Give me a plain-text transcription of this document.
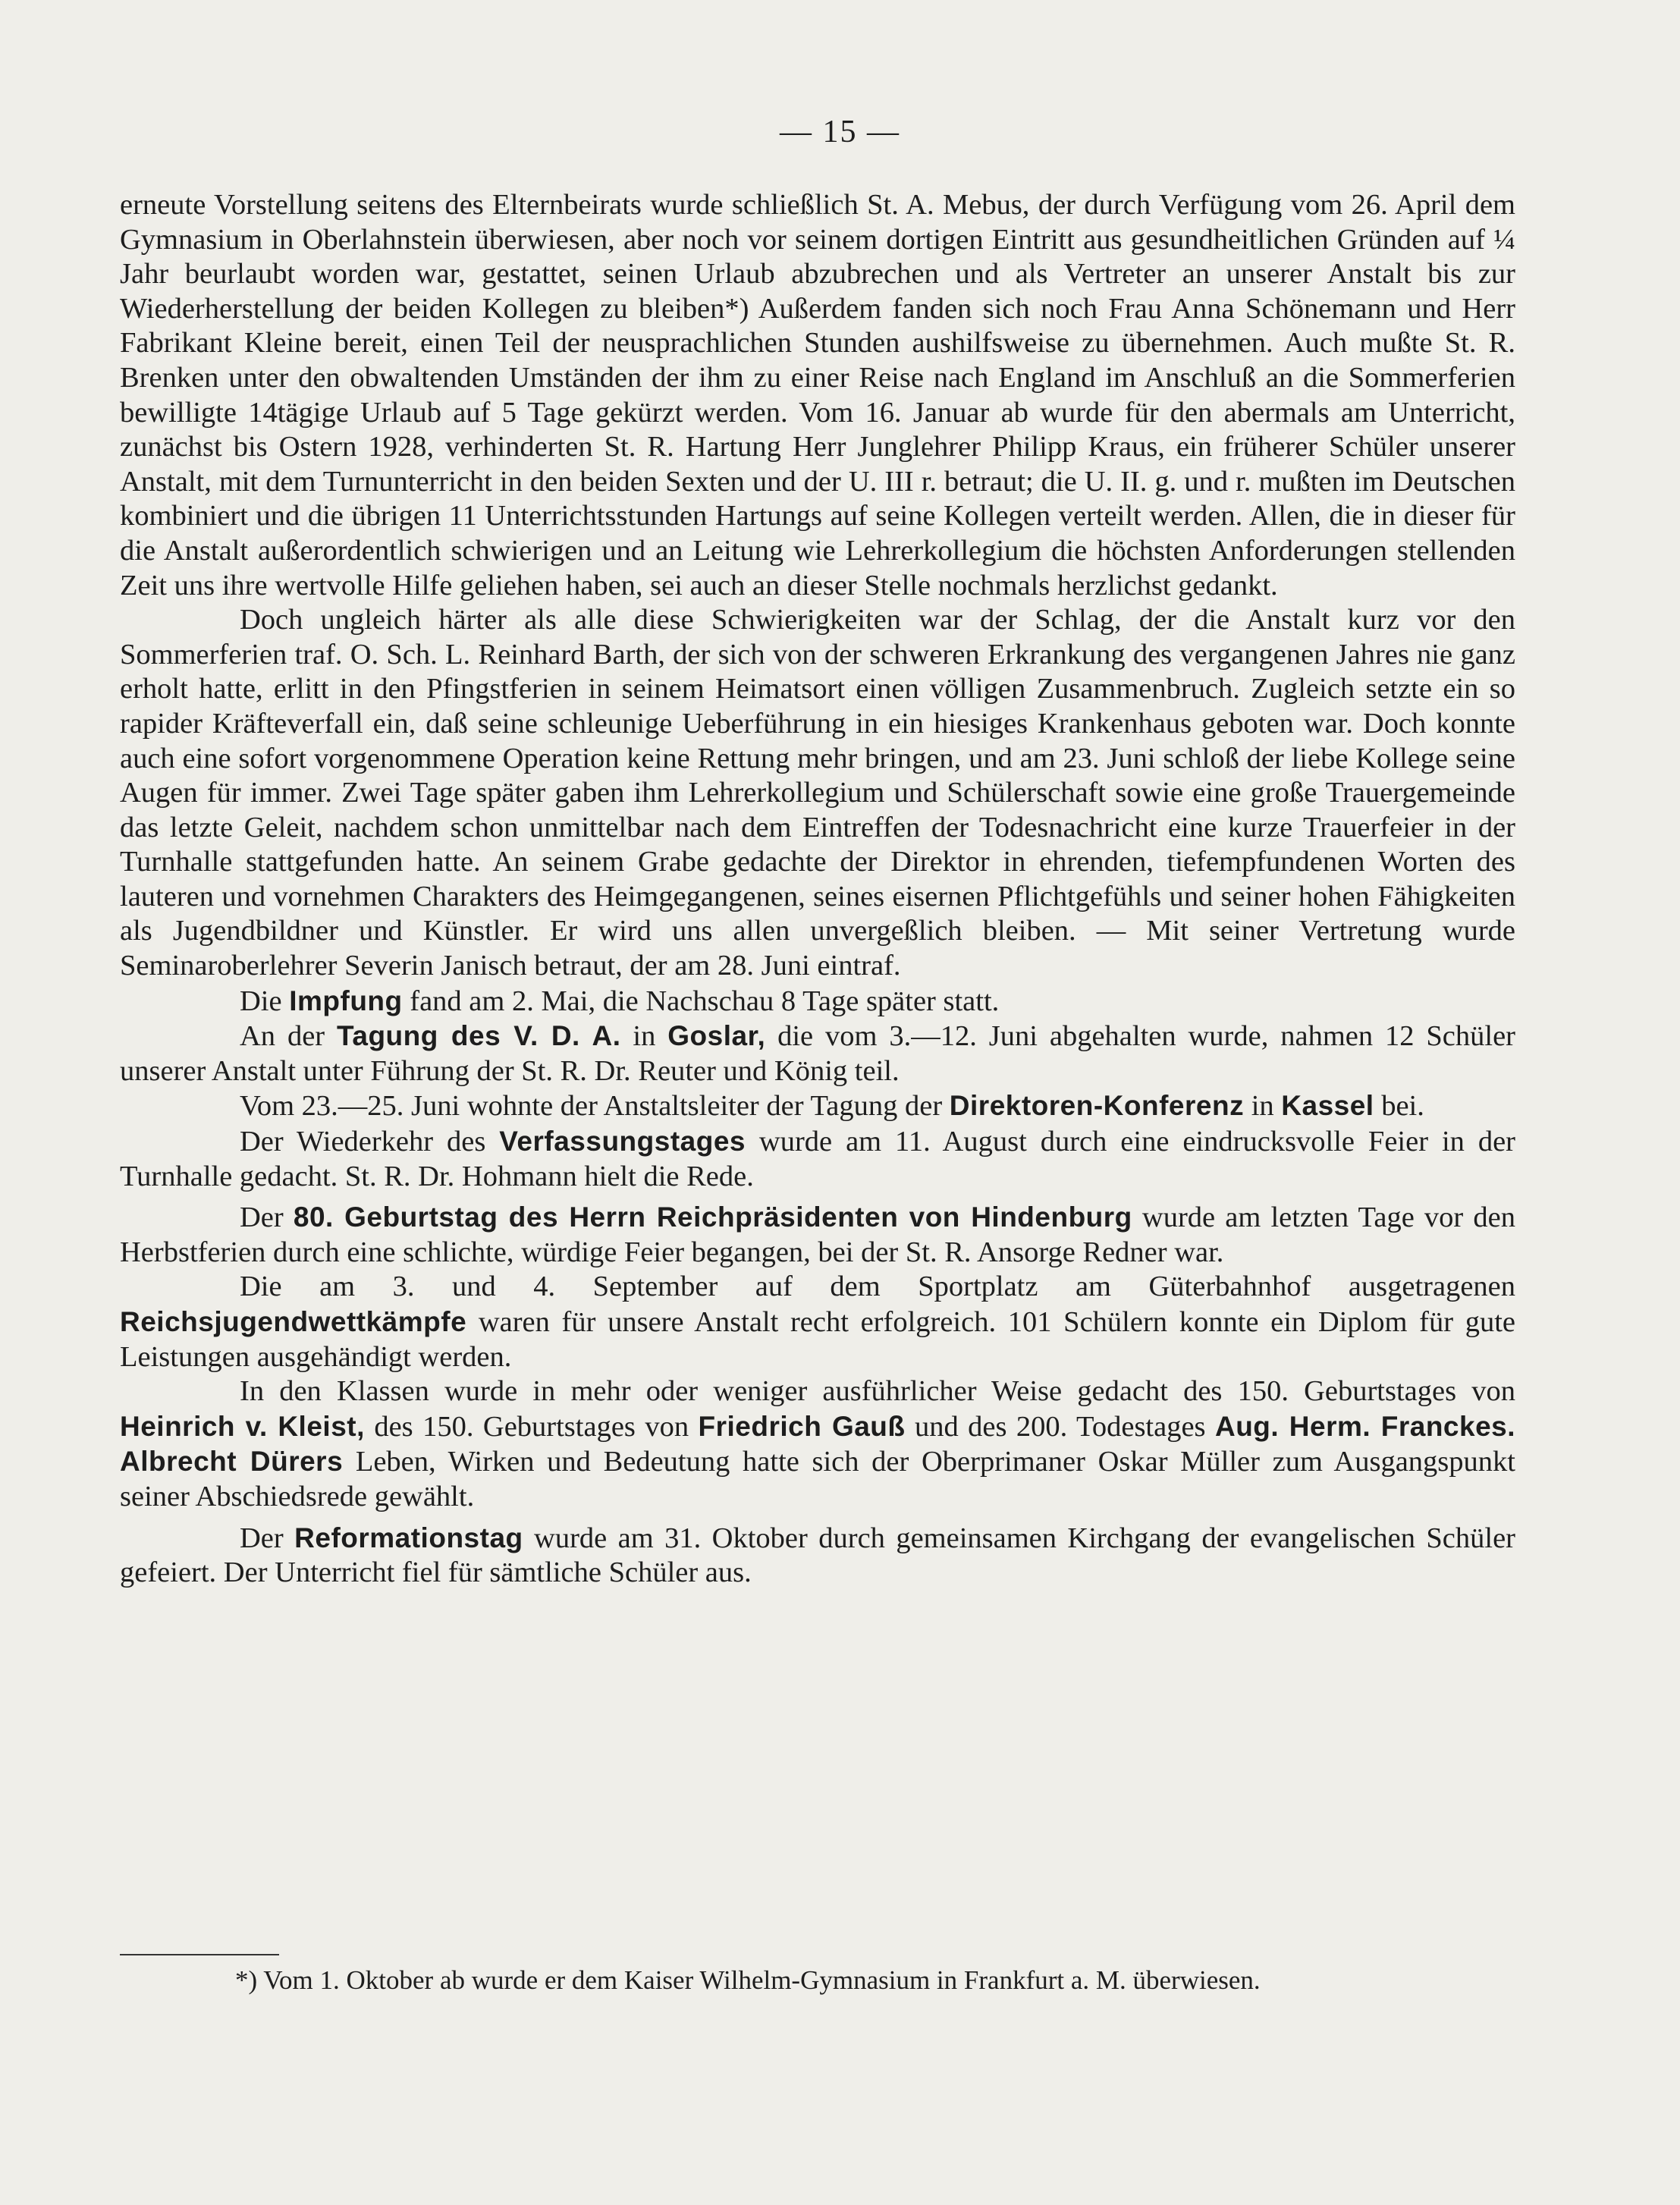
— 15 —

erneute Vorstellung seitens des Elternbeirats wurde schließlich St. A. Mebus, der durch Verfügung vom 26. April dem Gymnasium in Oberlahnstein überwiesen, aber noch vor seinem dortigen Eintritt aus gesundheitlichen Gründen auf ¼ Jahr beurlaubt worden war, gestattet, seinen Urlaub abzubrechen und als Vertreter an unserer Anstalt bis zur Wiederherstellung der beiden Kollegen zu bleiben*) Außerdem fanden sich noch Frau Anna Schönemann und Herr Fabrikant Kleine bereit, einen Teil der neusprachlichen Stunden aushilfsweise zu übernehmen. Auch mußte St. R. Brenken unter den obwaltenden Umständen der ihm zu einer Reise nach England im Anschluß an die Sommerferien bewilligte 14tägige Urlaub auf 5 Tage gekürzt werden. Vom 16. Januar ab wurde für den abermals am Unterricht, zunächst bis Ostern 1928, verhinderten St. R. Hartung Herr Junglehrer Philipp Kraus, ein früherer Schüler unserer Anstalt, mit dem Turnunterricht in den beiden Sexten und der U. III r. betraut; die U. II. g. und r. mußten im Deutschen kombiniert und die übrigen 11 Unterrichtsstunden Hartungs auf seine Kollegen verteilt werden. Allen, die in dieser für die Anstalt außerordentlich schwierigen und an Leitung wie Lehrerkollegium die höchsten Anforderungen stellenden Zeit uns ihre wertvolle Hilfe geliehen haben, sei auch an dieser Stelle nochmals herzlichst gedankt.

Doch ungleich härter als alle diese Schwierigkeiten war der Schlag, der die Anstalt kurz vor den Sommerferien traf. O. Sch. L. Reinhard Barth, der sich von der schweren Erkrankung des vergangenen Jahres nie ganz erholt hatte, erlitt in den Pfingstferien in seinem Heimatsort einen völligen Zusammenbruch. Zugleich setzte ein so rapider Kräfteverfall ein, daß seine schleunige Ueberführung in ein hiesiges Krankenhaus geboten war. Doch konnte auch eine sofort vorgenommene Operation keine Rettung mehr bringen, und am 23. Juni schloß der liebe Kollege seine Augen für immer. Zwei Tage später gaben ihm Lehrerkollegium und Schülerschaft sowie eine große Trauergemeinde das letzte Geleit, nachdem schon unmittelbar nach dem Eintreffen der Todesnachricht eine kurze Trauerfeier in der Turnhalle stattgefunden hatte. An seinem Grabe gedachte der Direktor in ehrenden, tiefempfundenen Worten des lauteren und vornehmen Charakters des Heimgegangenen, seines eisernen Pflichtgefühls und seiner hohen Fähigkeiten als Jugendbildner und Künstler. Er wird uns allen unvergeßlich bleiben. — Mit seiner Vertretung wurde Seminaroberlehrer Severin Janisch betraut, der am 28. Juni eintraf.

Die Impfung fand am 2. Mai, die Nachschau 8 Tage später statt.

An der Tagung des V. D. A. in Goslar, die vom 3.—12. Juni abgehalten wurde, nahmen 12 Schüler unserer Anstalt unter Führung der St. R. Dr. Reuter und König teil.

Vom 23.—25. Juni wohnte der Anstaltsleiter der Tagung der Direktoren-Konferenz in Kassel bei.

Der Wiederkehr des Verfassungstages wurde am 11. August durch eine eindrucksvolle Feier in der Turnhalle gedacht. St. R. Dr. Hohmann hielt die Rede.

Der 80. Geburtstag des Herrn Reichpräsidenten von Hindenburg wurde am letzten Tage vor den Herbstferien durch eine schlichte, würdige Feier begangen, bei der St. R. Ansorge Redner war.

Die am 3. und 4. September auf dem Sportplatz am Güterbahnhof ausgetragenen Reichsjugendwettkämpfe waren für unsere Anstalt recht erfolgreich. 101 Schülern konnte ein Diplom für gute Leistungen ausgehändigt werden.

In den Klassen wurde in mehr oder weniger ausführlicher Weise gedacht des 150. Geburtstages von Heinrich v. Kleist, des 150. Geburtstages von Friedrich Gauß und des 200. Todestages Aug. Herm. Franckes. Albrecht Dürers Leben, Wirken und Bedeutung hatte sich der Oberprimaner Oskar Müller zum Ausgangspunkt seiner Abschiedsrede gewählt.

Der Reformationstag wurde am 31. Oktober durch gemeinsamen Kirchgang der evangelischen Schüler gefeiert. Der Unterricht fiel für sämtliche Schüler aus.

*) Vom 1. Oktober ab wurde er dem Kaiser Wilhelm-Gymnasium in Frankfurt a. M. überwiesen.
